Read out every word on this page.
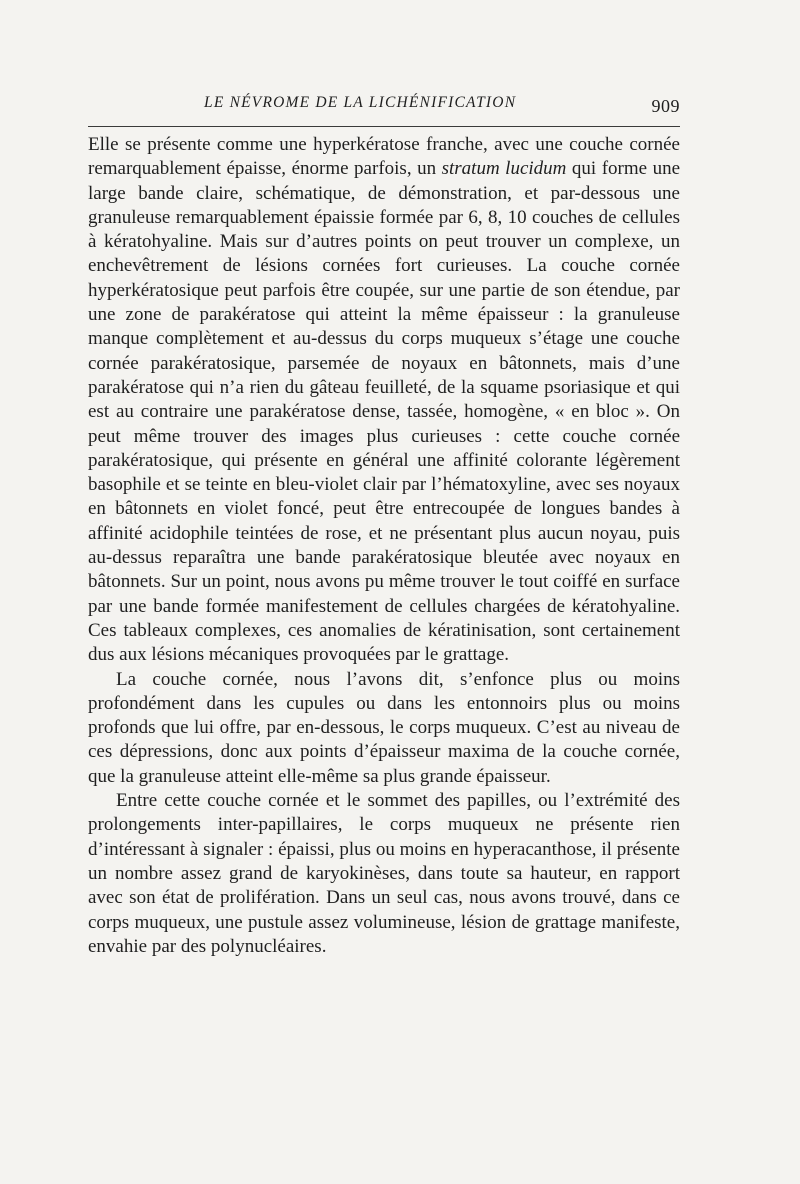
LE NÉVROME DE LA LICHÉNIFICATION	909

Elle se présente comme une hyperkératose franche, avec une couche cornée remarquablement épaisse, énorme parfois, un stratum lucidum qui forme une large bande claire, schématique, de démonstration, et par-dessous une granuleuse remarquablement épaissie formée par 6, 8, 10 couches de cellules à kératohyaline. Mais sur d’autres points on peut trouver un complexe, un enchevêtrement de lésions cornées fort curieuses. La couche cornée hyperkératosique peut parfois être coupée, sur une partie de son étendue, par une zone de parakératose qui atteint la même épaisseur : la granuleuse manque complètement et au-dessus du corps muqueux s’étage une couche cornée parakératosique, parsemée de noyaux en bâtonnets, mais d’une parakératose qui n’a rien du gâteau feuilleté, de la squame psoriasique et qui est au contraire une parakératose dense, tassée, homogène, « en bloc ». On peut même trouver des images plus curieuses : cette couche cornée parakératosique, qui présente en général une affinité colorante légèrement basophile et se teinte en bleu-violet clair par l’hématoxyline, avec ses noyaux en bâtonnets en violet foncé, peut être entrecoupée de longues bandes à affinité acidophile teintées de rose, et ne présentant plus aucun noyau, puis au-dessus reparaîtra une bande parakératosique bleutée avec noyaux en bâtonnets. Sur un point, nous avons pu même trouver le tout coiffé en surface par une bande formée manifestement de cellules chargées de kératohyaline. Ces tableaux complexes, ces anomalies de kératinisation, sont certainement dus aux lésions mécaniques provoquées par le grattage.

La couche cornée, nous l’avons dit, s’enfonce plus ou moins profondément dans les cupules ou dans les entonnoirs plus ou moins profonds que lui offre, par en-dessous, le corps muqueux. C’est au niveau de ces dépressions, donc aux points d’épaisseur maxima de la couche cornée, que la granuleuse atteint elle-même sa plus grande épaisseur.

Entre cette couche cornée et le sommet des papilles, ou l’extrémité des prolongements inter-papillaires, le corps muqueux ne présente rien d’intéressant à signaler : épaissi, plus ou moins en hyperacanthose, il présente un nombre assez grand de karyokinèses, dans toute sa hauteur, en rapport avec son état de prolifération. Dans un seul cas, nous avons trouvé, dans ce corps muqueux, une pustule assez volumineuse, lésion de grattage manifeste, envahie par des polynucléaires.
